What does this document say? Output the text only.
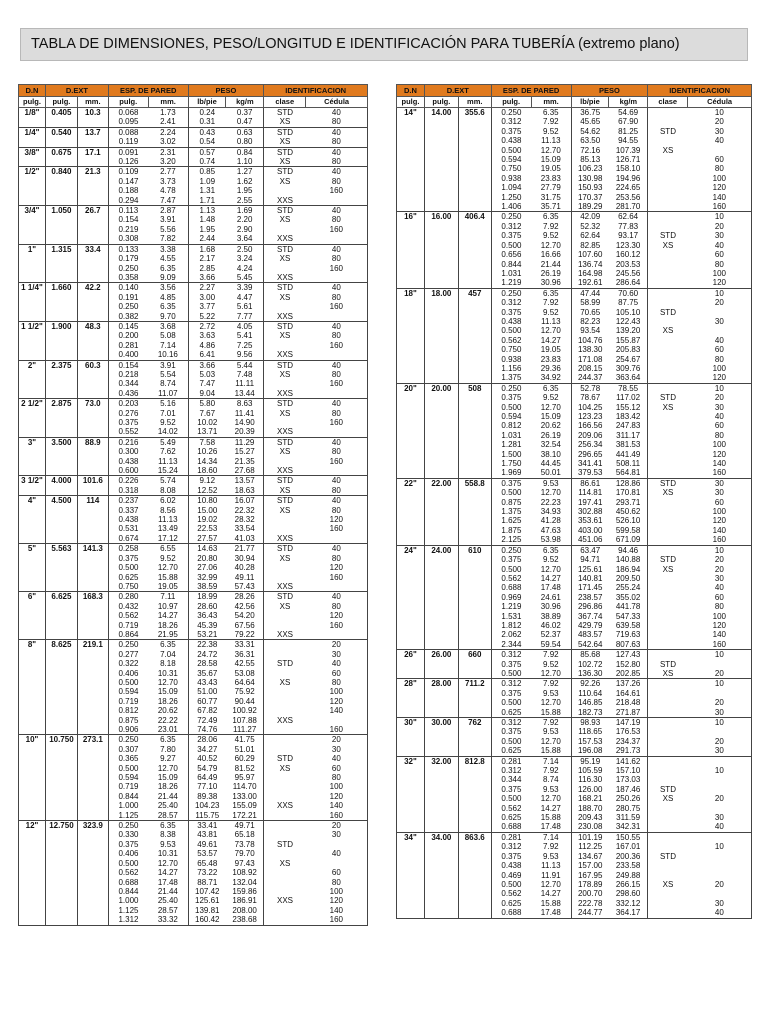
TABLA DE DIMENSIONES, PESO/LONGITUD E IDENTIFICACIÓN PARA TUBERÍA (extremo plano)
D.N	D.EXT		ESP. DE PARED		PESO		IDENTIFICACION	
pulg.	pulg.	mm.	pulg.	mm.	lb/pie	kg/m	clase	Cédula
1/8"	0.405	10.3	0.068	1.73	0.24	0.37	STD	40
			0.095	2.41	0.31	0.47	XS	80
1/4"	0.540	13.7	0.088	2.24	0.43	0.63	STD	40
			0.119	3.02	0.54	0.80	XS	80
3/8"	0.675	17.1	0.091	2.31	0.57	0.84	STD	40
			0.126	3.20	0.74	1.10	XS	80
1/2"	0.840	21.3	0.109	2.77	0.85	1.27	STD	40
			0.147	3.73	1.09	1.62	XS	80
			0.188	4.78	1.31	1.95		160
			0.294	7.47	1.71	2.55	XXS	
3/4"	1.050	26.7	0.113	2.87	1.13	1.69	STD	40
			0.154	3.91	1.48	2.20	XS	80
			0.219	5.56	1.95	2.90		160
			0.308	7.82	2.44	3.64	XXS	
1"	1.315	33.4	0.133	3.38	1.68	2.50	STD	40
			0.179	4.55	2.17	3.24	XS	80
			0.250	6.35	2.85	4.24		160
			0.358	9.09	3.66	5.45	XXS	
1 1/4"	1.660	42.2	0.140	3.56	2.27	3.39	STD	40
			0.191	4.85	3.00	4.47	XS	80
			0.250	6.35	3.77	5.61		160
			0.382	9.70	5.22	7.77	XXS	
1 1/2"	1.900	48.3	0.145	3.68	2.72	4.05	STD	40
			0.200	5.08	3.63	5.41	XS	80
			0.281	7.14	4.86	7.25		160
			0.400	10.16	6.41	9.56	XXS	
2"	2.375	60.3	0.154	3.91	3.66	5.44	STD	40
			0.218	5.54	5.03	7.48	XS	80
			0.344	8.74	7.47	11.11		160
			0.436	11.07	9.04	13.44	XXS	
2 1/2"	2.875	73.0	0.203	5.16	5.80	8.63	STD	40
			0.276	7.01	7.67	11.41	XS	80
			0.375	9.52	10.02	14.90		160
			0.552	14.02	13.71	20.39	XXS	
3"	3.500	88.9	0.216	5.49	7.58	11.29	STD	40
			0.300	7.62	10.26	15.27	XS	80
			0.438	11.13	14.34	21.35		160
			0.600	15.24	18.60	27.68	XXS	
3 1/2"	4.000	101.6	0.226	5.74	9.12	13.57	STD	40
			0.318	8.08	12.52	18.63	XS	80
4"	4.500	114	0.237	6.02	10.80	16.07	STD	40
			0.337	8.56	15.00	22.32	XS	80
			0.438	11.13	19.02	28.32		120
			0.531	13.49	22.53	33.54		160
			0.674	17.12	27.57	41.03	XXS	
5"	5.563	141.3	0.258	6.55	14.63	21.77	STD	40
			0.375	9.52	20.80	30.94	XS	80
			0.500	12.70	27.06	40.28		120
			0.625	15.88	32.99	49.11		160
			0.750	19.05	38.59	57.43	XXS	
6"	6.625	168.3	0.280	7.11	18.99	28.26	STD	40
			0.432	10.97	28.60	42.56	XS	80
			0.562	14.27	36.43	54.20		120
			0.719	18.26	45.39	67.56		160
			0.864	21.95	53.21	79.22	XXS	
8"	8.625	219.1	0.250	6.35	22.38	33.31		20
			0.277	7.04	24.72	36.31		30
			0.322	8.18	28.58	42.55	STD	40
			0.406	10.31	35.67	53.08		60
			0.500	12.70	43.43	64.64	XS	80
			0.594	15.09	51.00	75.92		100
			0.719	18.26	60.77	90.44		120
			0.812	20.62	67.82	100.92		140
			0.875	22.22	72.49	107.88	XXS	
			0.906	23.01	74.76	111.27		160
10"	10.750	273.1	0.250	6.35	28.06	41.75		20
			0.307	7.80	34.27	51.01		30
			0.365	9.27	40.52	60.29	STD	40
			0.500	12.70	54.79	81.52	XS	60
			0.594	15.09	64.49	95.97		80
			0.719	18.26	77.10	114.70		100
			0.844	21.44	89.38	133.00		120
			1.000	25.40	104.23	155.09	XXS	140
			1.125	28.57	115.75	172.21		160
12"	12.750	323.9	0.250	6.35	33.41	49.71		20
			0.330	8.38	43.81	65.18		30
			0.375	9.53	49.61	73.78	STD	
			0.406	10.31	53.57	79.70		40
			0.500	12.70	65.48	97.43	XS	
			0.562	14.27	73.22	108.92		60
			0.688	17.48	88.71	132.04		80
			0.844	21.44	107.42	159.86		100
			1.000	25.40	125.61	186.91	XXS	120
			1.125	28.57	139.81	208.00		140
			1.312	33.32	160.42	238.68		160
D.N	D.EXT		ESP. DE PARED		PESO		IDENTIFICACION	
pulg.	pulg.	mm.	pulg.	mm.	lb/pie	kg/m	clase	Cédula
14"	14.00	355.6	0.250	6.35	36.75	54.69		10
			0.312	7.92	45.65	67.90		20
			0.375	9.52	54.62	81.25	STD	30
			0.438	11.13	63.50	94.55		40
			0.500	12.70	72.16	107.39	XS	
			0.594	15.09	85.13	126.71		60
			0.750	19.05	106.23	158.10		80
			0.938	23.83	130.98	194.96		100
			1.094	27.79	150.93	224.65		120
			1.250	31.75	170.37	253.56		140
			1.406	35.71	189.29	281.70		160
16"	16.00	406.4	0.250	6.35	42.09	62.64		10
			0.312	7.92	52.32	77.83		20
			0.375	9.52	62.64	93.17	STD	30
			0.500	12.70	82.85	123.30	XS	40
			0.656	16.66	107.60	160.12		60
			0.844	21.44	136.74	203.53		80
			1.031	26.19	164.98	245.56		100
			1.219	30.96	192.61	286.64		120
18"	18.00	457	0.250	6.35	47.44	70.60		10
			0.312	7.92	58.99	87.75		20
			0.375	9.52	70.65	105.10	STD	
			0.438	11.13	82.23	122.43		30
			0.500	12.70	93.54	139.20	XS	
			0.562	14.27	104.76	155.87		40
			0.750	19.05	138.30	205.83		60
			0.938	23.83	171.08	254.67		80
			1.156	29.36	208.15	309.76		100
			1.375	34.92	244.37	363.64		120
20"	20.00	508	0.250	6.35	52.78	78.55		10
			0.375	9.52	78.67	117.02	STD	20
			0.500	12.70	104.25	155.12	XS	30
			0.594	15.09	123.23	183.42		40
			0.812	20.62	166.56	247.83		60
			1.031	26.19	209.06	311.17		80
			1.281	32.54	256.34	381.53		100
			1.500	38.10	296.65	441.49		120
			1.750	44.45	341.41	508.11		140
			1.969	50.01	379.53	564.81		160
22"	22.00	558.8	0.375	9.53	86.61	128.86	STD	30
			0.500	12.70	114.81	170.81	XS	30
			0.875	22.23	197.41	293.71		60
			1.375	34.93	302.88	450.62		100
			1.625	41.28	353.61	526.10		120
			1.875	47.63	403.00	599.58		140
			2.125	53.98	451.06	671.09		160
24"	24.00	610	0.250	6.35	63.47	94.46		10
			0.375	9.52	94.71	140.88	STD	20
			0.500	12.70	125.61	186.94	XS	20
			0.562	14.27	140.81	209.50		30
			0.688	17.48	171.45	255.24		40
			0.969	24.61	238.57	355.02		60
			1.219	30.96	296.86	441.78		80
			1.531	38.89	367.74	547.33		100
			1.812	46.02	429.79	639.58		120
			2.062	52.37	483.57	719.63		140
			2.344	59.54	542.64	807.63		160
26"	26.00	660	0.312	7.92	85.68	127.43		10
			0.375	9.52	102.72	152.80	STD	
			0.500	12.70	136.30	202.85	XS	20
28"	28.00	711.2	0.312	7.92	92.26	137.26		10
			0.375	9.53	110.64	164.61		
			0.500	12.70	146.85	218.48		20
			0.625	15.88	182.73	271.87		30
30"	30.00	762	0.312	7.92	98.93	147.19		10
			0.375	9.53	118.65	176.53		
			0.500	12.70	157.53	234.37		20
			0.625	15.88	196.08	291.73		30
32"	32.00	812.8	0.281	7.14	95.19	141.62		
			0.312	7.92	105.59	157.10		10
			0.344	8.74	116.30	173.03		
			0.375	9.53	126.00	187.46	STD	
			0.500	12.70	168.21	250.26	XS	20
			0.562	14.27	188.70	280.75		
			0.625	15.88	209.43	311.59		30
			0.688	17.48	230.08	342.31		40
34"	34.00	863.6	0.281	7.14	101.19	150.55		
			0.312	7.92	112.25	167.01		10
			0.375	9.53	134.67	200.36	STD	
			0.438	11.13	157.00	233.58		
			0.469	11.91	167.95	249.88		
			0.500	12.70	178.89	266.15	XS	20
			0.562	14.27	200.70	298.60		
			0.625	15.88	222.78	332.12		30
			0.688	17.48	244.77	364.17		40
